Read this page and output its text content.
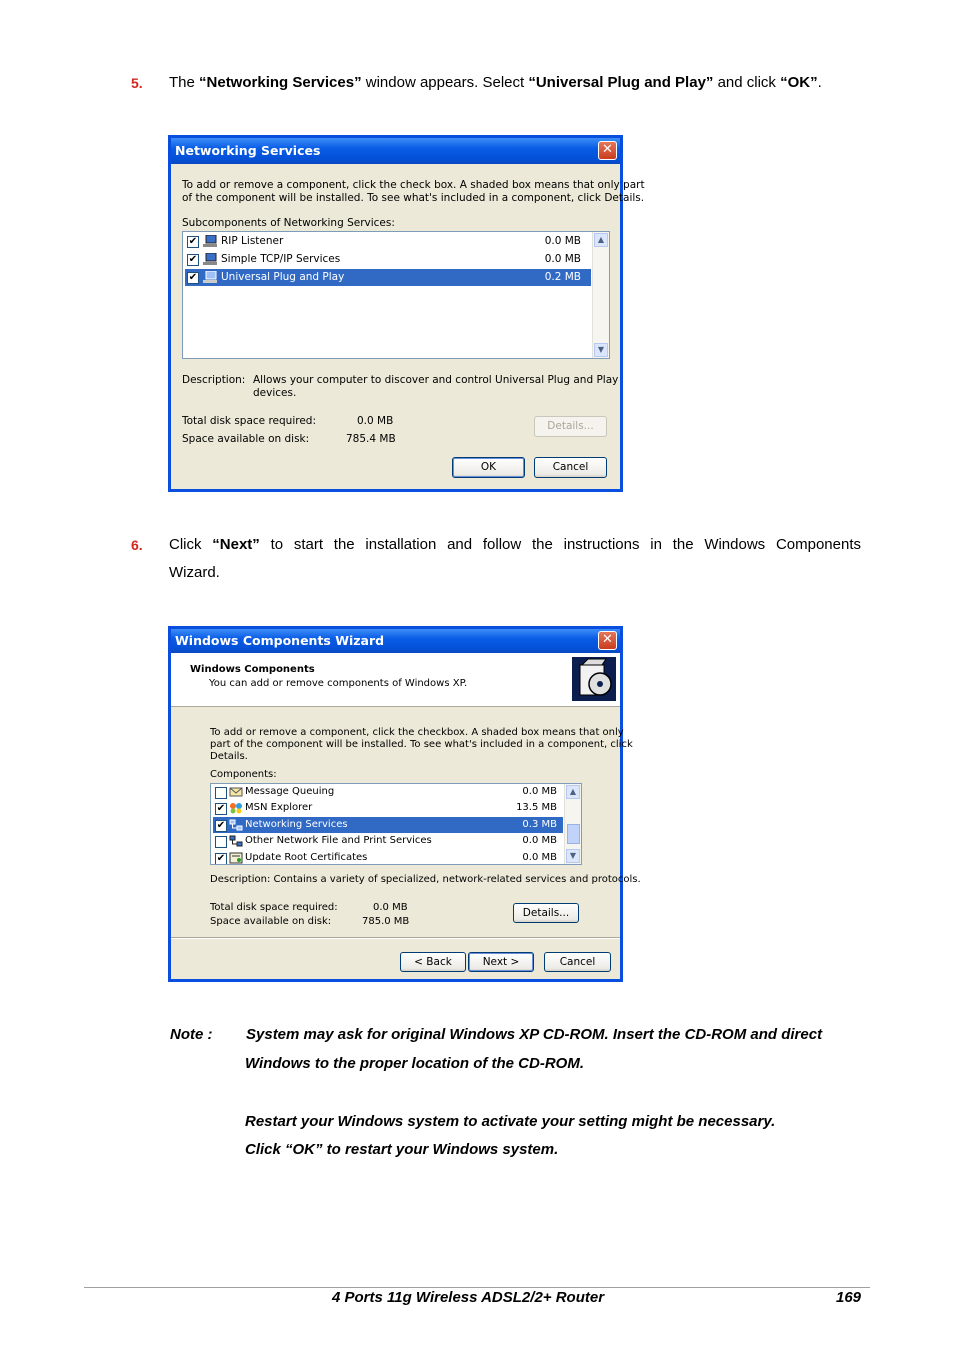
5. The “Networking Services” window appears. Select “Universal Plug and Play” and click “OK”.
Networking Services	✕
To add or remove a component, click the check box. A shaded box means that only part
of the component will be installed. To see what's included in a component, click Details.
Subcomponents of Networking Services:
✔
RIP Listener	0.0 MB
✔
Simple TCP/IP Services	0.0 MB
✔
Universal Plug and Play	0.2 MB
▲
▼
Description: Allows your computer to discover and control Universal Plug and Play
devices.
Total disk space required:	0.0 MB
Space available on disk:	785.4 MB
Details...
OK	Cancel
6. Click “Next” to start the installation and follow the instructions in the Windows Components
Wizard.
Windows Components Wizard	✕
Windows Components
You can add or remove components of Windows XP.
To add or remove a component, click the checkbox. A shaded box means that only
part of the component will be installed. To see what's included in a component, click
Details.
Components:
Message Queuing	0.0 MB
✔
MSN Explorer	13.5 MB
✔
Networking Services	0.3 MB
Other Network File and Print Services	0.0 MB
✔
Update Root Certificates	0.0 MB
▲
▼
Description: Contains a variety of specialized, network-related services and protocols.
Total disk space required:	0.0 MB
Space available on disk:	785.0 MB
Details...
< Back	Next >	Cancel
Note : System may ask for original Windows XP CD-ROM. Insert the CD-ROM and direct
Windows to the proper location of the CD-ROM.
Restart your Windows system to activate your setting might be necessary.
Click “OK” to restart your Windows system.
4 Ports 11g Wireless ADSL2/2+ Router	169
